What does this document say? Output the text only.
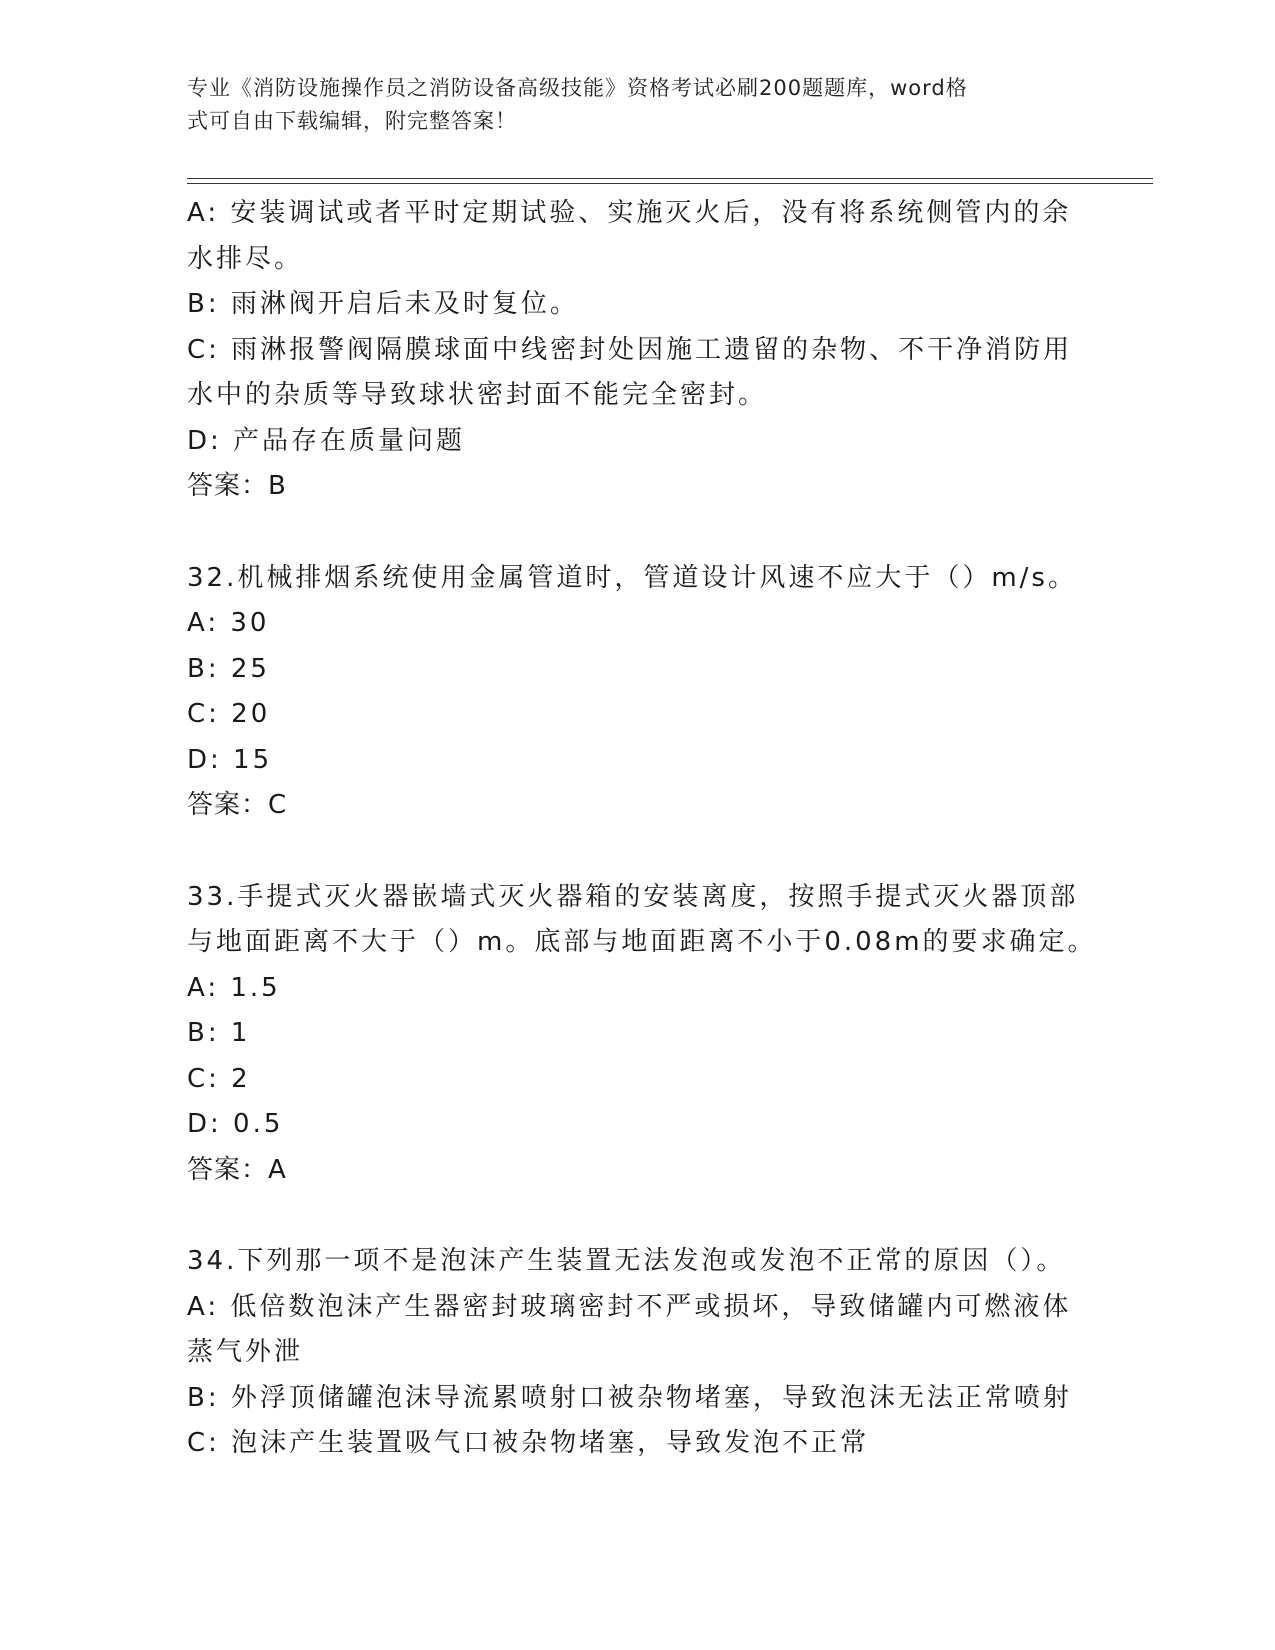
专业《消防设施操作员之消防设备高级技能》资格考试必刷200题题库，word格
式可自由下载编辑，附完整答案！
A: 安装调试或者平时定期试验、实施灭火后，没有将系统侧管内的余
水排尽。
B: 雨淋阀开启后未及时复位。
C: 雨淋报警阀隔膜球面中线密封处因施工遗留的杂物、不干净消防用
水中的杂质等导致球状密封面不能完全密封。
D: 产品存在质量问题
答案：B
32.机械排烟系统使用金属管道时，管道设计风速不应大于（）m/s。
A: 30
B: 25
C: 20
D: 15
答案：C
33.手提式灭火器嵌墙式灭火器箱的安装离度，按照手提式灭火器顶部
与地面距离不大于（）m。底部与地面距离不小于0.08m的要求确定。
A: 1.5
B: 1
C: 2
D: 0.5
答案：A
34.下列那一项不是泡沫产生装置无法发泡或发泡不正常的原因（）。
A: 低倍数泡沫产生器密封玻璃密封不严或损坏，导致储罐内可燃液体
蒸气外泄
B: 外浮顶储罐泡沫导流累喷射口被杂物堵塞，导致泡沫无法正常喷射
C: 泡沫产生装置吸气口被杂物堵塞，导致发泡不正常
